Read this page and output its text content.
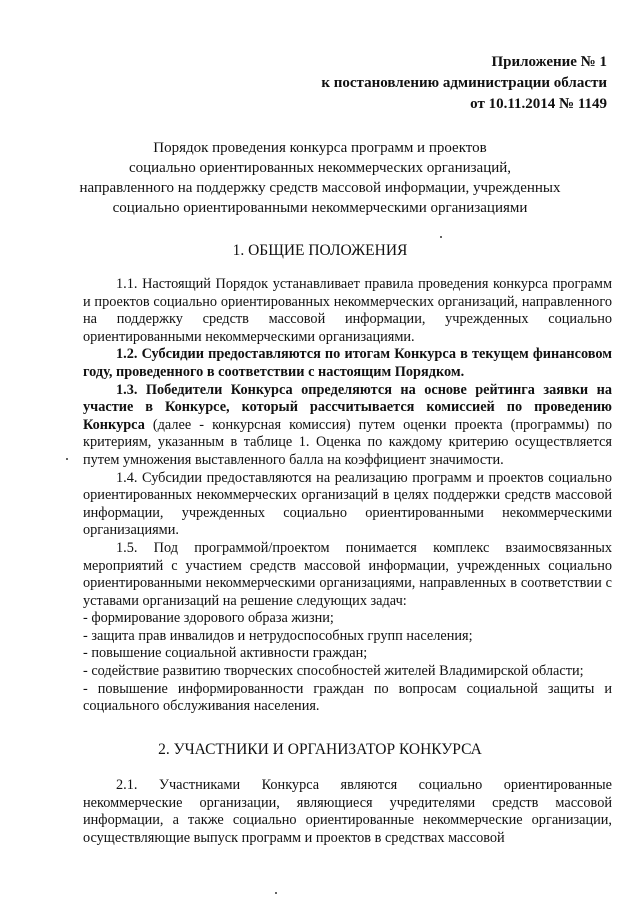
Приложение № 1
к постановлению администрации области
от 10.11.2014 № 1149
Порядок проведения конкурса программ и проектов
социально ориентированных некоммерческих организаций,
направленного на поддержку средств массовой информации, учрежденных
социально ориентированными некоммерческими организациями
1. ОБЩИЕ ПОЛОЖЕНИЯ

1.1. Настоящий Порядок устанавливает правила проведения конкурса программ и проектов социально ориентированных некоммерческих организаций, направленного на поддержку средств массовой информации, учрежденных социально ориентированными некоммерческими организациями.

1.2. Субсидии предоставляются по итогам Конкурса в текущем финансовом году, проведенного в соответствии с настоящим Порядком.

1.3. Победители Конкурса определяются на основе рейтинга заявки на участие в Конкурсе, который рассчитывается комиссией по проведению Конкурса (далее - конкурсная комиссия) путем оценки проекта (программы) по критериям, указанным в таблице 1. Оценка по каждому критерию осуществляется путем умножения выставленного балла на коэффициент значимости.

1.4. Субсидии предоставляются на реализацию программ и проектов социально ориентированных некоммерческих организаций в целях поддержки средств массовой информации, учрежденных социально ориентированными некоммерческими организациями.

1.5. Под программой/проектом понимается комплекс взаимосвязанных мероприятий с участием средств массовой информации, учрежденных социально ориентированными некоммерческими организациями, направленных в соответствии с уставами организаций на решение следующих задач:

- формирование здорового образа жизни;

- защита прав инвалидов и нетрудоспособных групп населения;

- повышение социальной активности граждан;

- содействие развитию творческих способностей жителей Владимирской области;

- повышение информированности граждан по вопросам социальной защиты и социального обслуживания населения.

2. УЧАСТНИКИ И ОРГАНИЗАТОР КОНКУРСА

2.1. Участниками Конкурса являются социально ориентированные некоммерческие организации, являющиеся учредителями средств массовой информации, а также социально ориентированные некоммерческие организации, осуществляющие выпуск программ и проектов в средствах массовой
